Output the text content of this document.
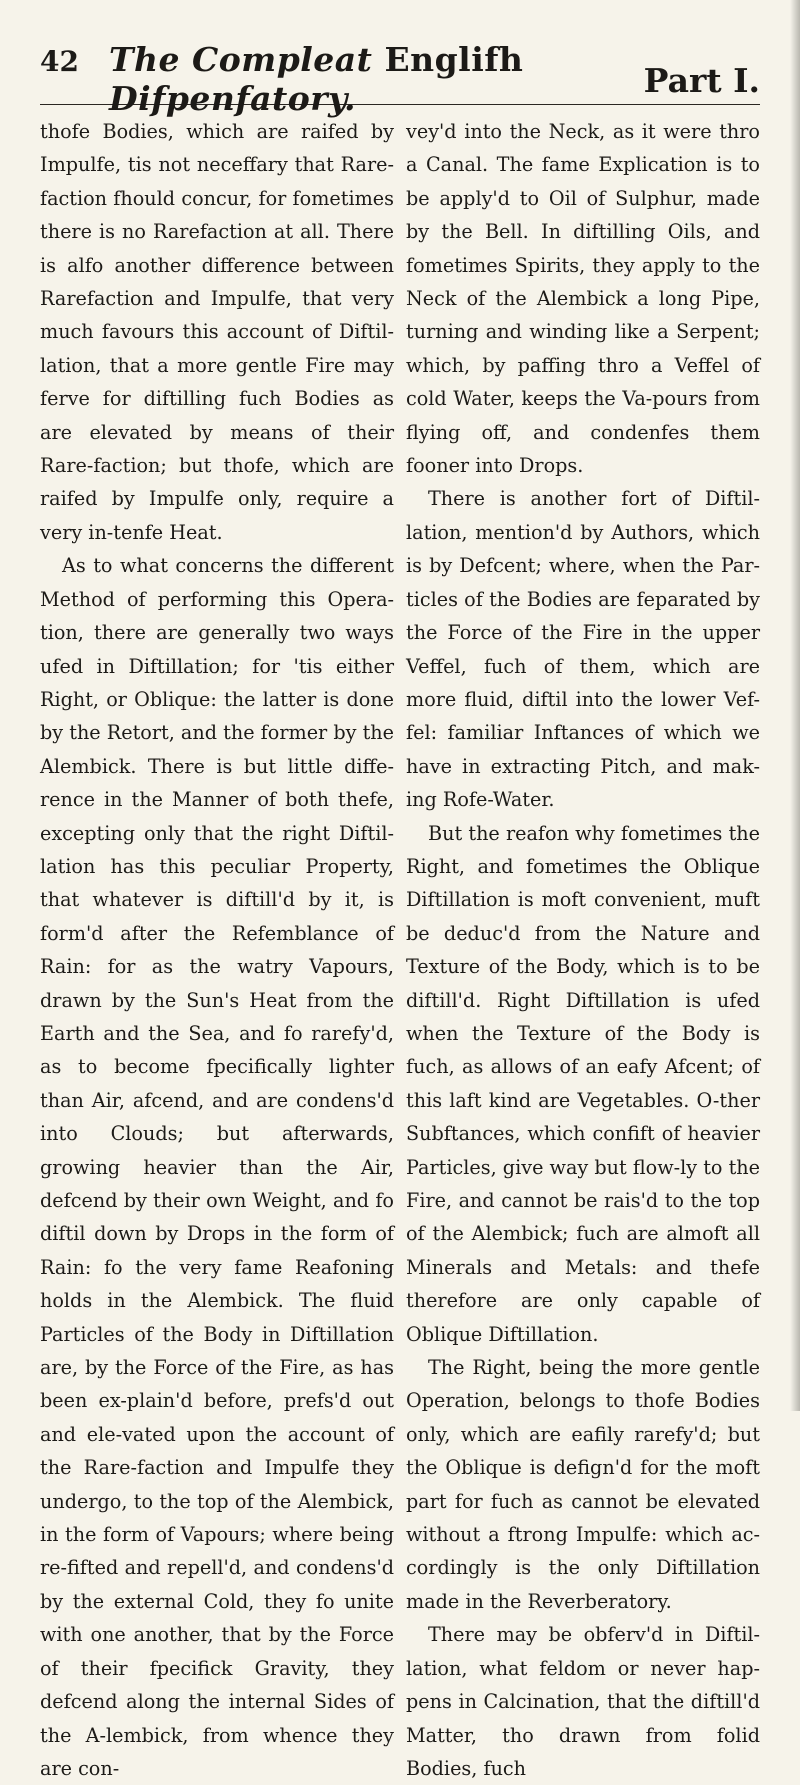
42 The Compleat Englifh Difpenfatory.	Part I.

thofe Bodies, which are raifed by Impulfe, tis not neceffary that Rare-faction fhould concur, for fometimes there is no Rarefaction at all. There is alfo another difference between Rarefaction and Impulfe, that very much favours this account of Diftil-lation, that a more gentle Fire may ferve for diftilling fuch Bodies as are elevated by means of their Rare-faction; but thofe, which are raifed by Impulfe only, require a very in-tenfe Heat.

As to what concerns the different Method of performing this Opera-tion, there are generally two ways ufed in Diftillation; for 'tis either Right, or Oblique: the latter is done by the Retort, and the former by the Alembick. There is but little diffe-rence in the Manner of both thefe, excepting only that the right Diftil-lation has this peculiar Property, that whatever is diftill'd by it, is form'd after the Refemblance of Rain: for as the watry Vapours, drawn by the Sun's Heat from the Earth and the Sea, and fo rarefy'd, as to become fpecifically lighter than Air, afcend, and are condens'd into Clouds; but afterwards, growing heavier than the Air, defcend by their own Weight, and fo diftil down by Drops in the form of Rain: fo the very fame Reafoning holds in the Alembick. The fluid Particles of the Body in Diftillation are, by the Force of the Fire, as has been ex-plain'd before, prefs'd out and ele-vated upon the account of the Rare-faction and Impulfe they undergo, to the top of the Alembick, in the form of Vapours; where being re-fifted and repell'd, and condens'd by the external Cold, they fo unite with one another, that by the Force of their fpecifick Gravity, they defcend along the internal Sides of the A-lembick, from whence they are con-

vey'd into the Neck, as it were thro a Canal. The fame Explication is to be apply'd to Oil of Sulphur, made by the Bell. In diftilling Oils, and fometimes Spirits, they apply to the Neck of the Alembick a long Pipe, turning and winding like a Serpent; which, by paffing thro a Veffel of cold Water, keeps the Va-pours from flying off, and condenfes them fooner into Drops.

There is another fort of Diftil-lation, mention'd by Authors, which is by Defcent; where, when the Par-ticles of the Bodies are feparated by the Force of the Fire in the upper Veffel, fuch of them, which are more fluid, diftil into the lower Vef-fel: familiar Inftances of which we have in extracting Pitch, and mak-ing Rofe-Water.

But the reafon why fometimes the Right, and fometimes the Oblique Diftillation is moft convenient, muft be deduc'd from the Nature and Texture of the Body, which is to be diftill'd. Right Diftillation is ufed when the Texture of the Body is fuch, as allows of an eafy Afcent; of this laft kind are Vegetables. O-ther Subftances, which confift of heavier Particles, give way but flow-ly to the Fire, and cannot be rais'd to the top of the Alembick; fuch are almoft all Minerals and Metals: and thefe therefore are only capable of Oblique Diftillation.

The Right, being the more gentle Operation, belongs to thofe Bodies only, which are eafily rarefy'd; but the Oblique is defign'd for the moft part for fuch as cannot be elevated without a ftrong Impulfe: which ac-cordingly is the only Diftillation made in the Reverberatory.

There may be obferv'd in Diftil-lation, what feldom or never hap-pens in Calcination, that the diftill'd Matter, tho drawn from folid Bodies, fuch
